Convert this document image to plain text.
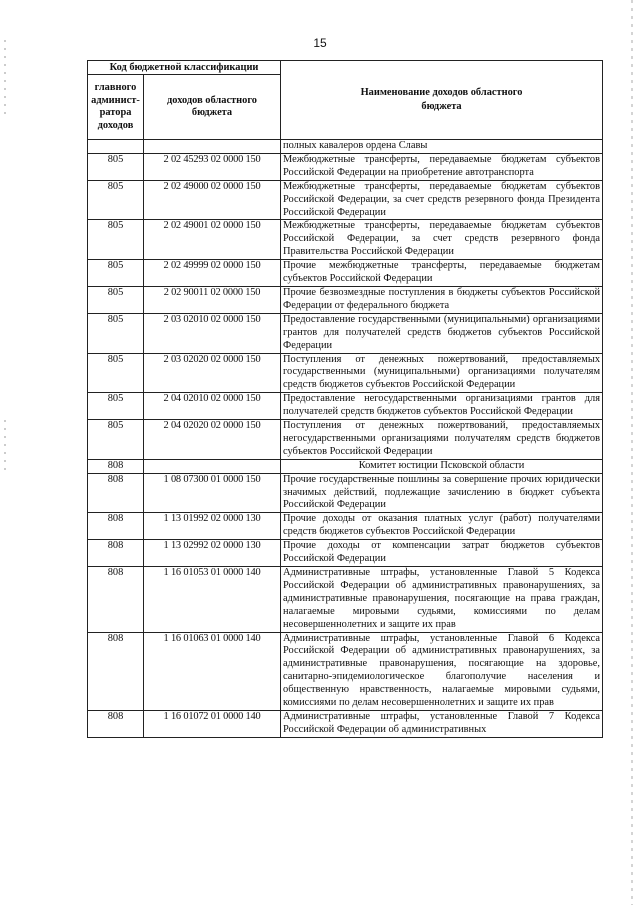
15
Код бюджетной классификации		Наименование доходов областного бюджета
главного админист-ратора доходов	доходов областного бюджета	
		полных кавалеров ордена Славы
805	2 02 45293 02 0000 150	Межбюджетные трансферты, передаваемые бюджетам субъектов Российской Федерации на приобретение автотранспорта
805	2 02 49000 02 0000 150	Межбюджетные трансферты, передаваемые бюджетам субъектов Российской Федерации, за счет средств резервного фонда Президента Российской Федерации
805	2 02 49001 02 0000 150	Межбюджетные трансферты, передаваемые бюджетам субъектов Российской Федерации, за счет средств резервного фонда Правительства Российской Федерации
805	2 02 49999 02 0000 150	Прочие межбюджетные трансферты, передаваемые бюджетам субъектов Российской Федерации
805	2 02 90011 02 0000 150	Прочие безвозмездные поступления в бюджеты субъектов Российской Федерации от федерального бюджета
805	2 03 02010 02 0000 150	Предоставление государственными (муниципальными) организациями грантов для получателей средств бюджетов субъектов Российской Федерации
805	2 03 02020 02 0000 150	Поступления от денежных пожертвований, предоставляемых государственными (муниципальными) организациями получателям средств бюджетов субъектов Российской Федерации
805	2 04 02010 02 0000 150	Предоставление негосударственными организациями грантов для получателей средств бюджетов субъектов Российской Федерации
805	2 04 02020 02 0000 150	Поступления от денежных пожертвований, предоставляемых негосударственными организациями получателям средств бюджетов субъектов Российской Федерации
808		Комитет юстиции Псковской области
808	1 08 07300 01 0000 150	Прочие государственные пошлины за совершение прочих юридически значимых действий, подлежащие зачислению в бюджет субъекта Российской Федерации
808	1 13 01992 02 0000 130	Прочие доходы от оказания платных услуг (работ) получателями средств бюджетов субъектов Российской Федерации
808	1 13 02992 02 0000 130	Прочие доходы от компенсации затрат бюджетов субъектов Российской Федерации
808	1 16 01053 01 0000 140	Административные штрафы, установленные Главой 5 Кодекса Российской Федерации об административных правонарушениях, за административные правонарушения, посягающие на права граждан, налагаемые мировыми судьями, комиссиями по делам несовершеннолетних и защите их прав
808	1 16 01063 01 0000 140	Административные штрафы, установленные Главой 6 Кодекса Российской Федерации об административных правонарушениях, за административные правонарушения, посягающие на здоровье, санитарно-эпидемиологическое благополучие населения и общественную нравственность, налагаемые мировыми судьями, комиссиями по делам несовершеннолетних и защите их прав
808	1 16 01072 01 0000 140	Административные штрафы, установленные Главой 7 Кодекса Российской Федерации об административных
